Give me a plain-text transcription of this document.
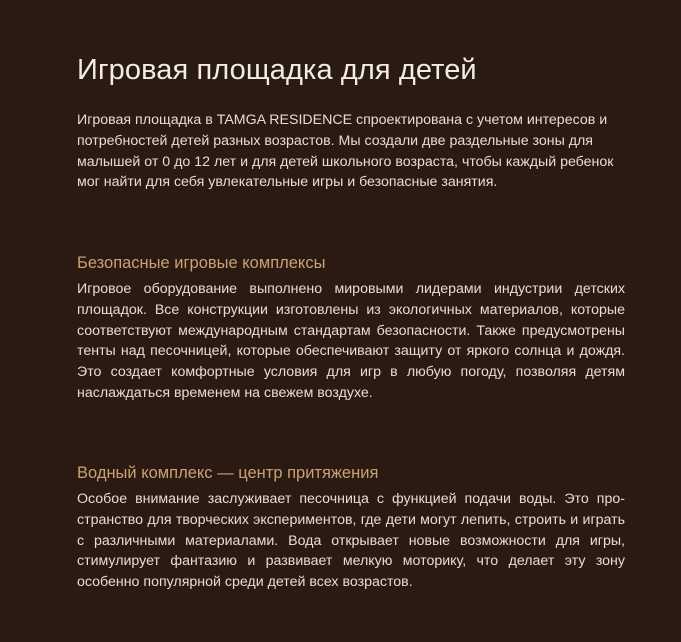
Игровая площадка для детей

Игровая площадка в TAMGA RESIDENCE спроектирована с учетом интересов и потребностей детей разных возрастов. Мы создали две раздельные зоны для малышей от 0 до 12 лет и для детей школьного возраста, чтобы каждый ребенок мог найти для себя увлекательные игры и безопасные занятия.

Безопасные игровые комплексы

Игровое оборудование выполнено мировыми лидерами индустрии детских площадок. Все конструкции изготовлены из экологичных материалов, которые соответствуют международным стандартам безопасности. Также предусмотрены тенты над песочницей, которые обеспечивают защиту от яркого солнца и дождя. Это создает комфортные условия для игр в любую погоду, позволяя детям наслаждаться временем на свежем воздухе.

Водный комплекс — центр притяжения

Особое внимание заслуживает песочница с функцией подачи воды. Это пространство для творческих экспериментов, где дети могут лепить, строить и играть с различными материалами. Вода открывает новые возможности для игры, стимулирует фантазию и развивает мелкую моторику, что делает эту зону особенно популярной среди детей всех возрастов.
